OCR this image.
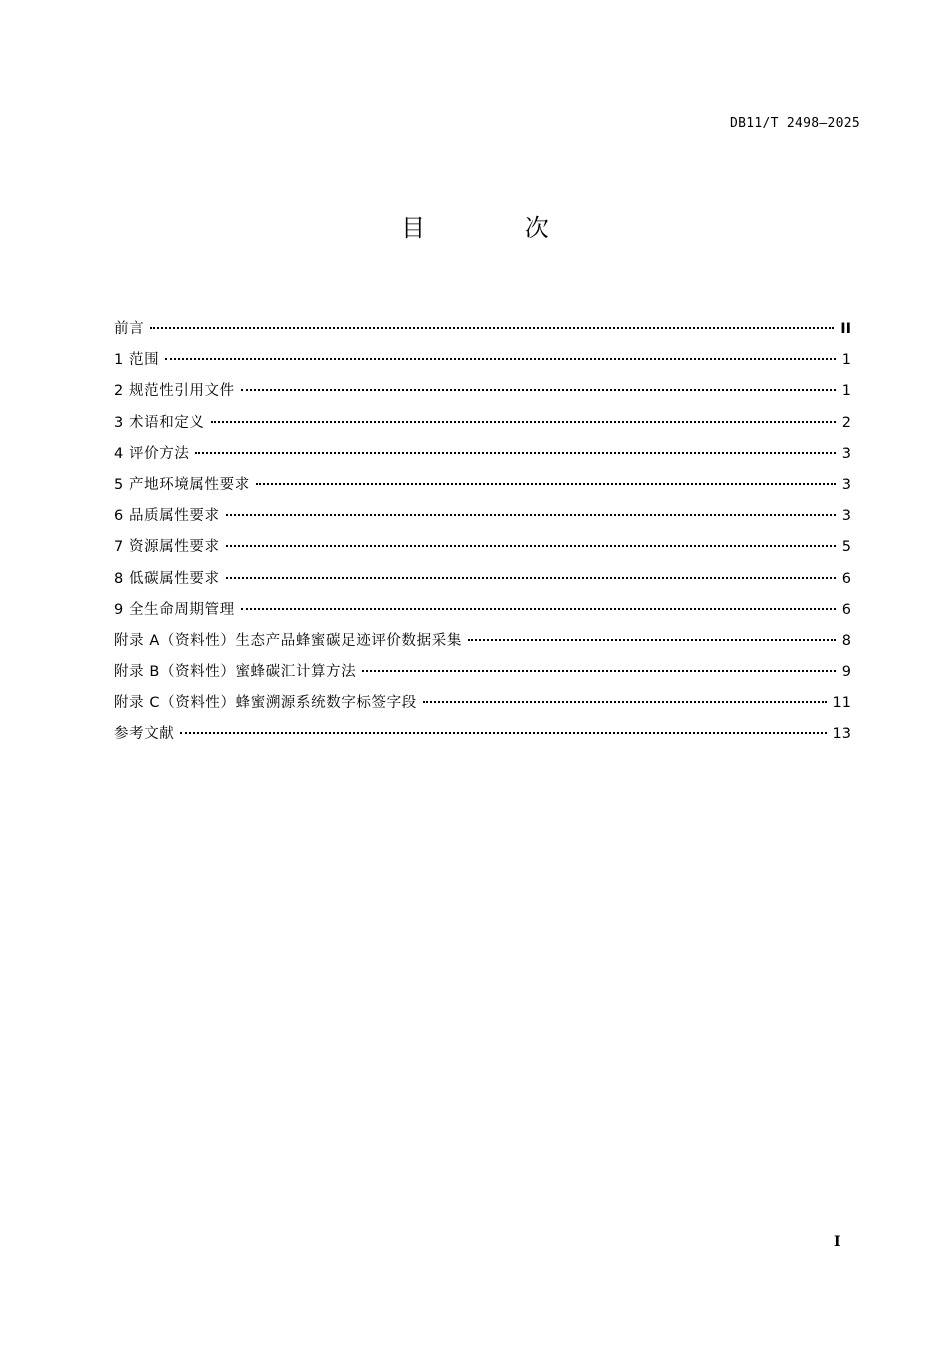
DB11/T 2498—2025
目 次
前言	II
1 范围	1
2 规范性引用文件	1
3 术语和定义	2
4 评价方法	3
5 产地环境属性要求	3
6 品质属性要求	3
7 资源属性要求	5
8 低碳属性要求	6
9 全生命周期管理	6
附录 A（资料性）生态产品蜂蜜碳足迹评价数据采集	8
附录 B（资料性）蜜蜂碳汇计算方法	9
附录 C（资料性）蜂蜜溯源系统数字标签字段	11
参考文献	13
I
